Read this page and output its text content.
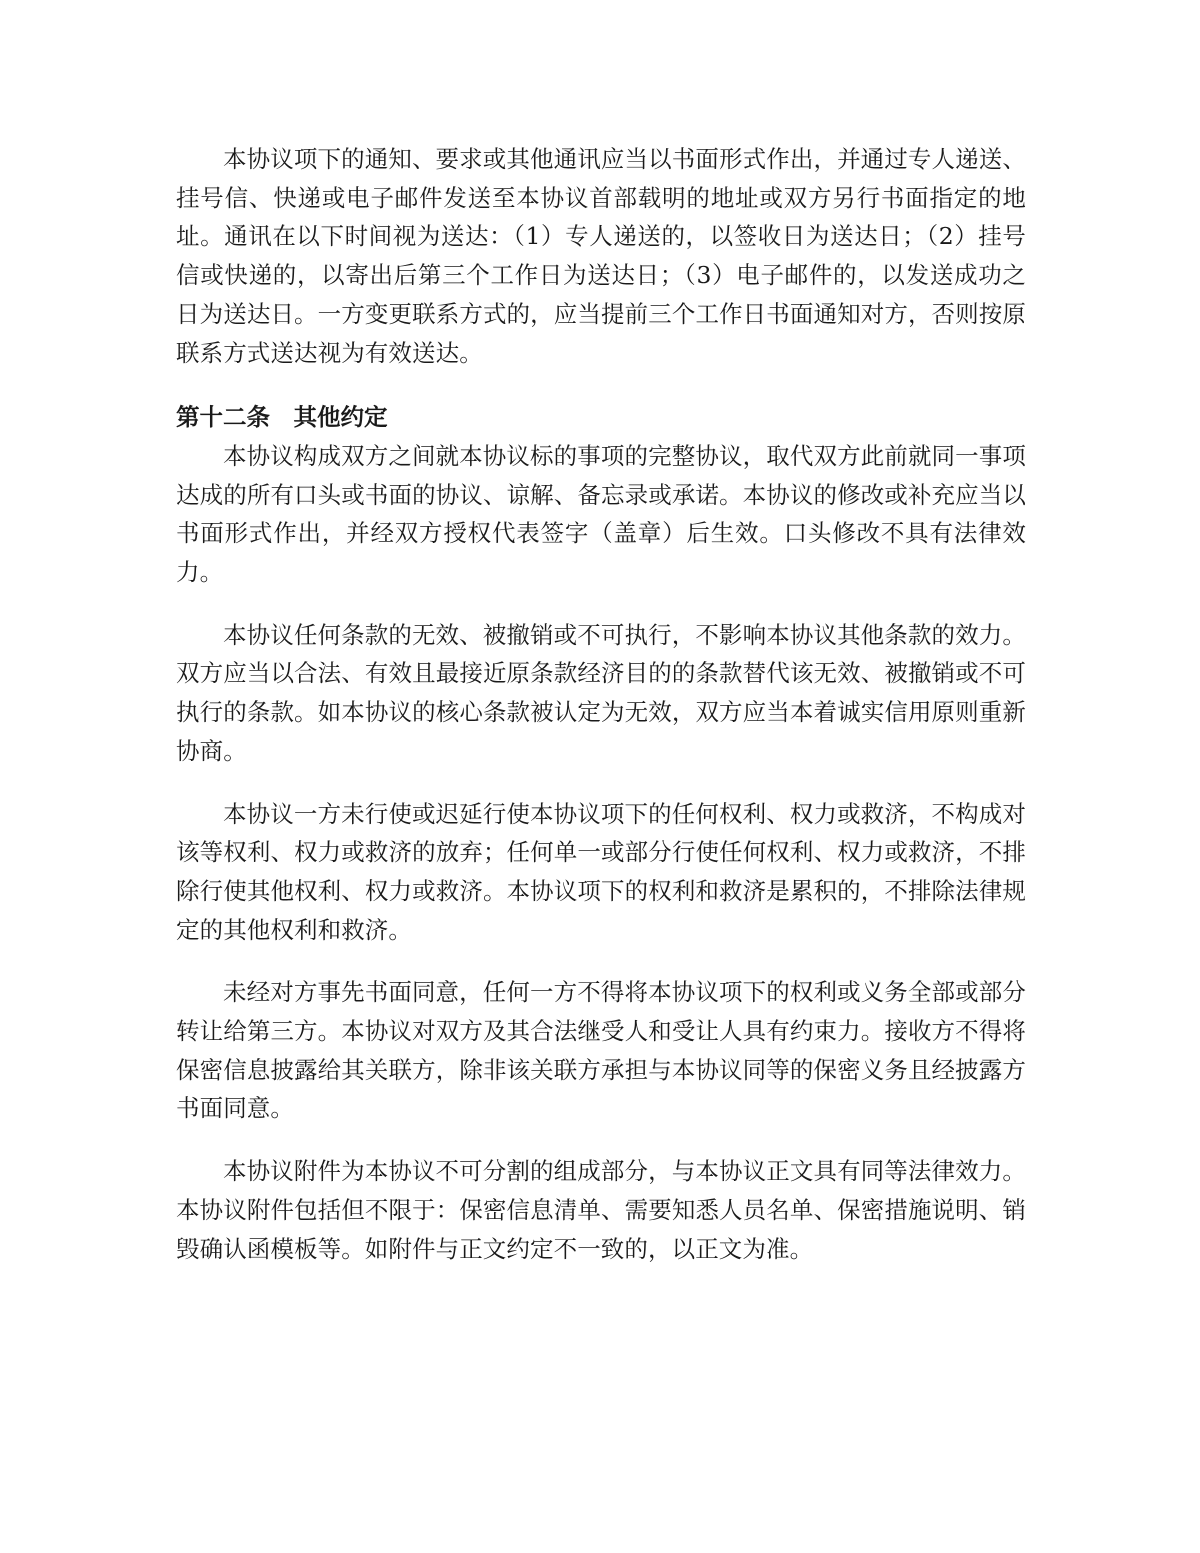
本协议项下的通知、要求或其他通讯应当以书面形式作出，并通过专人递送、挂号信、快递或电子邮件发送至本协议首部载明的地址或双方另行书面指定的地址。通讯在以下时间视为送达：（1）专人递送的，以签收日为送达日；（2）挂号信或快递的，以寄出后第三个工作日为送达日；（3）电子邮件的，以发送成功之日为送达日。一方变更联系方式的，应当提前三个工作日书面通知对方，否则按原联系方式送达视为有效送达。

第十二条　其他约定

本协议构成双方之间就本协议标的事项的完整协议，取代双方此前就同一事项达成的所有口头或书面的协议、谅解、备忘录或承诺。本协议的修改或补充应当以书面形式作出，并经双方授权代表签字（盖章）后生效。口头修改不具有法律效力。

本协议任何条款的无效、被撤销或不可执行，不影响本协议其他条款的效力。双方应当以合法、有效且最接近原条款经济目的的条款替代该无效、被撤销或不可执行的条款。如本协议的核心条款被认定为无效，双方应当本着诚实信用原则重新协商。

本协议一方未行使或迟延行使本协议项下的任何权利、权力或救济，不构成对该等权利、权力或救济的放弃；任何单一或部分行使任何权利、权力或救济，不排除行使其他权利、权力或救济。本协议项下的权利和救济是累积的，不排除法律规定的其他权利和救济。

未经对方事先书面同意，任何一方不得将本协议项下的权利或义务全部或部分转让给第三方。本协议对双方及其合法继受人和受让人具有约束力。接收方不得将保密信息披露给其关联方，除非该关联方承担与本协议同等的保密义务且经披露方书面同意。

本协议附件为本协议不可分割的组成部分，与本协议正文具有同等法律效力。本协议附件包括但不限于：保密信息清单、需要知悉人员名单、保密措施说明、销毁确认函模板等。如附件与正文约定不一致的，以正文为准。
